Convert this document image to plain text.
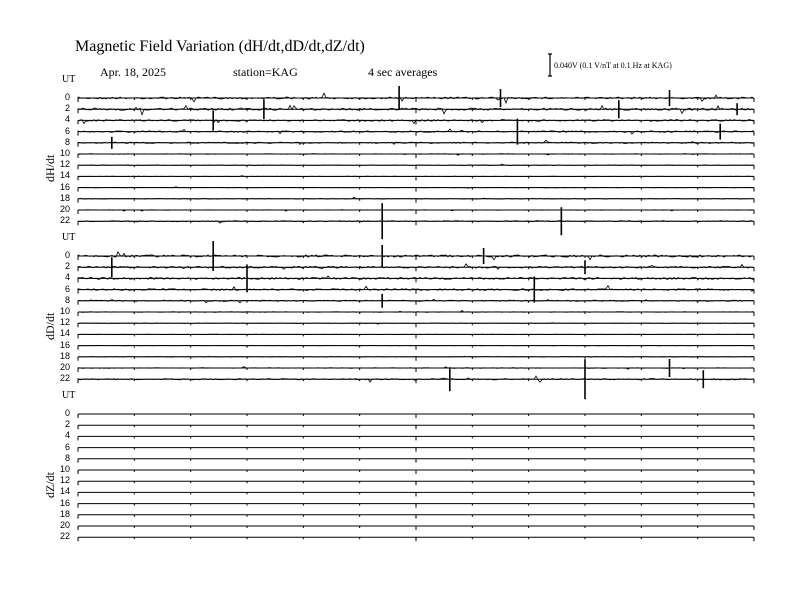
Magnetic Field Variation (dH/dt,dD/dt,dZ/dt)
Apr. 18, 2025	station=KAG	4 sec averages	0.040V (0.1 V/nT at 0.1 Hz at KAG)
UT
dH/dt
0
2
4
6
8
10
12
14
16
18
20
22
UT
dD/dt
0
2
4
6
8
10
12
14
16
18
20
22
UT
dZ/dt
0
2
4
6
8
10
12
14
16
18
20
22
